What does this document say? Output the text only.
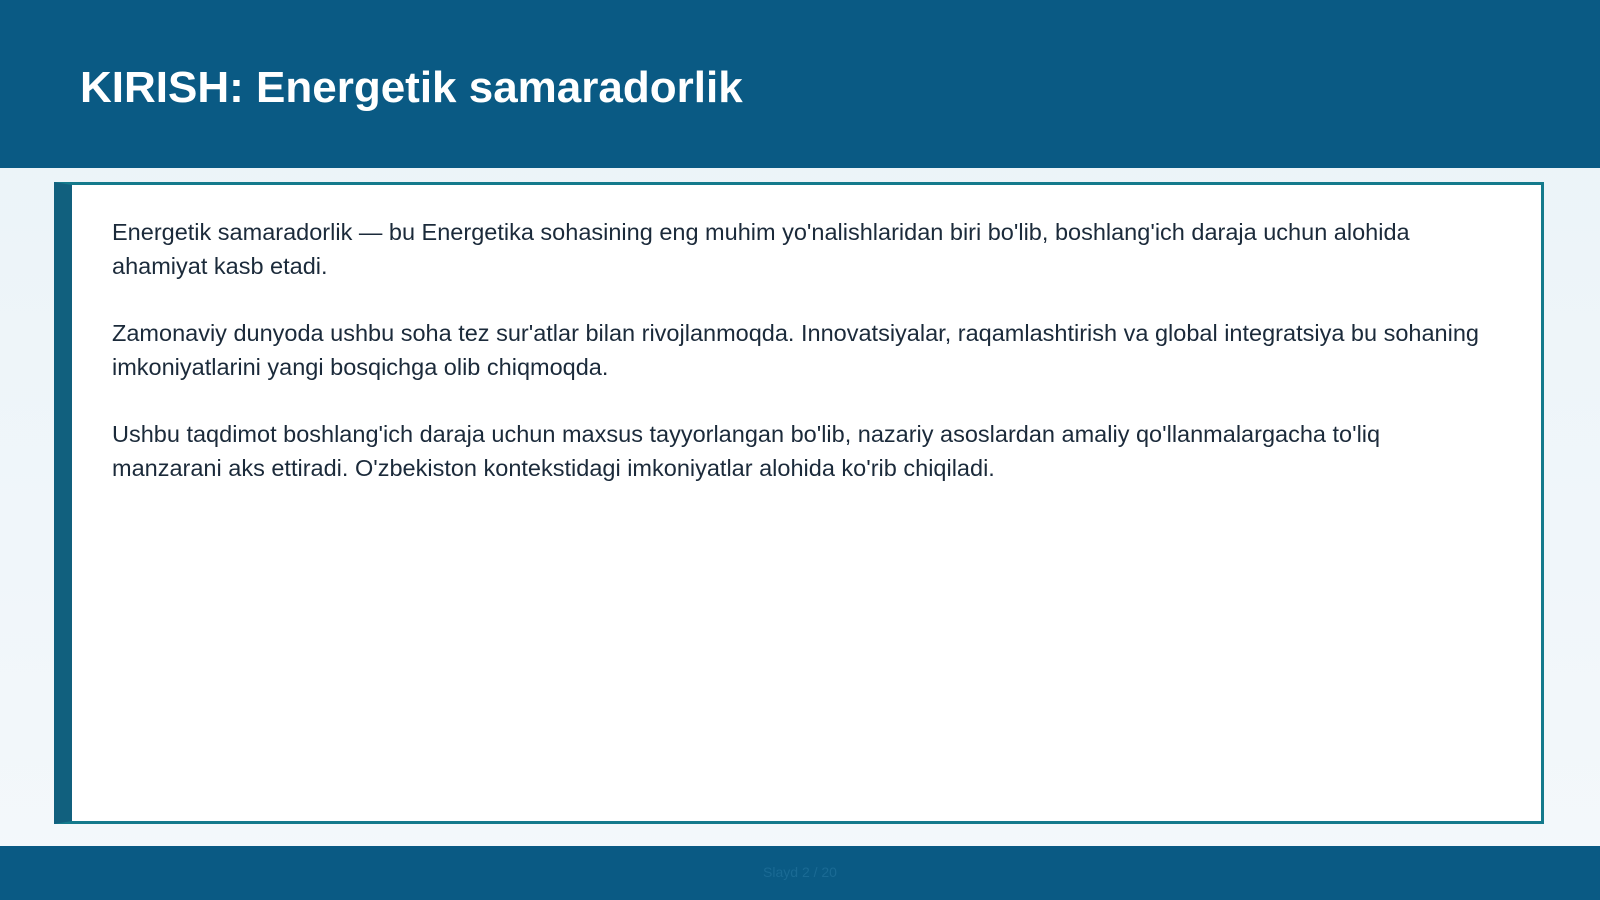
KIRISH: Energetik samaradorlik

Energetik samaradorlik — bu Energetika sohasining eng muhim yo'nalishlaridan biri bo'lib, boshlang'ich daraja uchun alohida ahamiyat kasb etadi.

Zamonaviy dunyoda ushbu soha tez sur'atlar bilan rivojlanmoqda. Innovatsiyalar, raqamlashtirish va global integratsiya bu sohaning imkoniyatlarini yangi bosqichga olib chiqmoqda.

Ushbu taqdimot boshlang'ich daraja uchun maxsus tayyorlangan bo'lib, nazariy asoslardan amaliy qo'llanmalargacha to'liq manzarani aks ettiradi. O'zbekiston kontekstidagi imkoniyatlar alohida ko'rib chiqiladi.

Slayd 2 / 20
